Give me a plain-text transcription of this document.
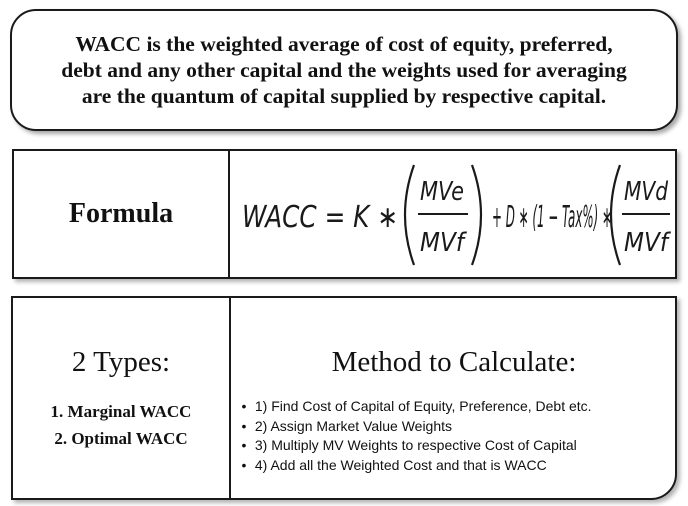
WACC is the weighted average of cost of equity, preferred,
debt and any other capital and the weights used for averaging
are the quantum of capital supplied by respective capital.

Formula	WACC = K ∗
MVe
MVf
+ D ∗ (1 − Tax%) ∗
MVd
MVf
2 Types:
1. Marginal WACC
2. Optimal WACC
Method to Calculate:
• 1) Find Cost of Capital of Equity, Preference, Debt etc.
• 2) Assign Market Value Weights
• 3) Multiply MV Weights to respective Cost of Capital
• 4) Add all the Weighted Cost and that is WACC
